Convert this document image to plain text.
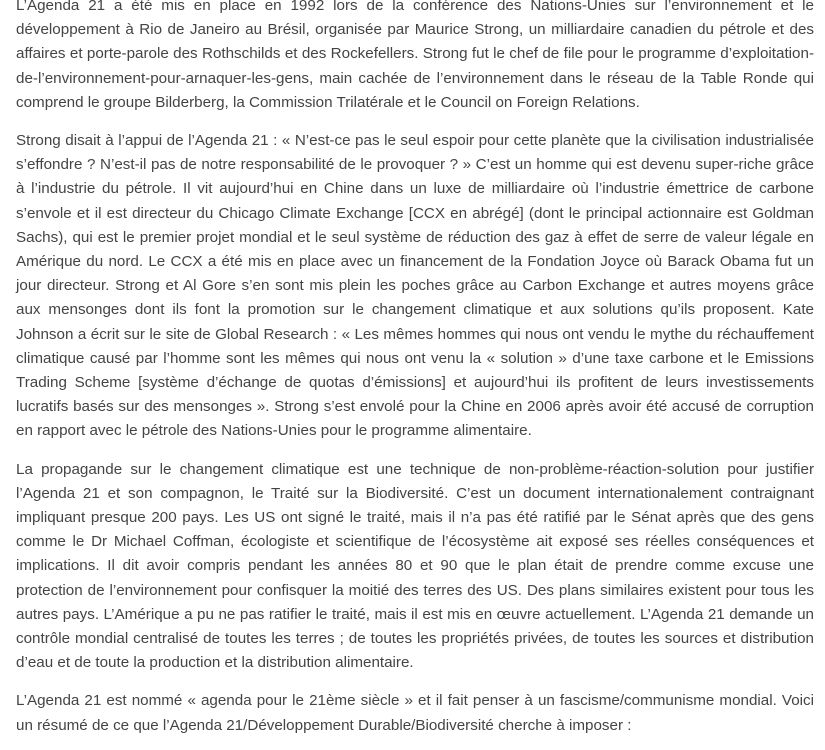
L’Agenda 21 a été mis en place en 1992 lors de la conférence des Nations-Unies sur l’environnement et le développement à Rio de Janeiro au Brésil, organisée par Maurice Strong, un milliardaire canadien du pétrole et des affaires et porte-parole des Rothschilds et des Rockefellers. Strong fut le chef de file pour le programme d’exploitation-de-l’environnement-pour-arnaquer-les-gens, main cachée de l’environnement dans le réseau de la Table Ronde qui comprend le groupe Bilderberg, la Commission Trilatérale et le Council on Foreign Relations.

Strong disait à l’appui de l’Agenda 21 : « N’est-ce pas le seul espoir pour cette planète que la civilisation industrialisée s’effondre ? N’est-il pas de notre responsabilité de le provoquer ? » C’est un homme qui est devenu super-riche grâce à l’industrie du pétrole. Il vit aujourd’hui en Chine dans un luxe de milliardaire où l’industrie émettrice de carbone s’envole et il est directeur du Chicago Climate Exchange [CCX en abrégé] (dont le principal actionnaire est Goldman Sachs), qui est le premier projet mondial et le seul système de réduction des gaz à effet de serre de valeur légale en Amérique du nord. Le CCX a été mis en place avec un financement de la Fondation Joyce où Barack Obama fut un jour directeur. Strong et Al Gore s’en sont mis plein les poches grâce au Carbon Exchange et autres moyens grâce aux mensonges dont ils font la promotion sur le changement climatique et aux solutions qu’ils proposent. Kate Johnson a écrit sur le site de Global Research : « Les mêmes hommes qui nous ont vendu le mythe du réchauffement climatique causé par l’homme sont les mêmes qui nous ont venu la « solution » d’une taxe carbone et le Emissions Trading Scheme [système d’échange de quotas d’émissions] et aujourd’hui ils profitent de leurs investissements lucratifs basés sur des mensonges ». Strong s’est envolé pour la Chine en 2006 après avoir été accusé de corruption en rapport avec le pétrole des Nations-Unies pour le programme alimentaire.

La propagande sur le changement climatique est une technique de non-problème-réaction-solution pour justifier l’Agenda 21 et son compagnon, le Traité sur la Biodiversité. C’est un document internationalement contraignant impliquant presque 200 pays. Les US ont signé le traité, mais il n’a pas été ratifié par le Sénat après que des gens comme le Dr Michael Coffman, écologiste et scientifique de l’écosystème ait exposé ses réelles conséquences et implications. Il dit avoir compris pendant les années 80 et 90 que le plan était de prendre comme excuse une protection de l’environnement pour confisquer la moitié des terres des US. Des plans similaires existent pour tous les autres pays. L’Amérique a pu ne pas ratifier le traité, mais il est mis en œuvre actuellement. L’Agenda 21 demande un contrôle mondial centralisé de toutes les terres ; de toutes les propriétés privées, de toutes les sources et distribution d’eau et de toute la production et la distribution alimentaire.

L’Agenda 21 est nommé « agenda pour le 21ème siècle » et il fait penser à un fascisme/communisme mondial. Voici un résumé de ce que l’Agenda 21/Développement Durable/Biodiversité cherche à imposer :
